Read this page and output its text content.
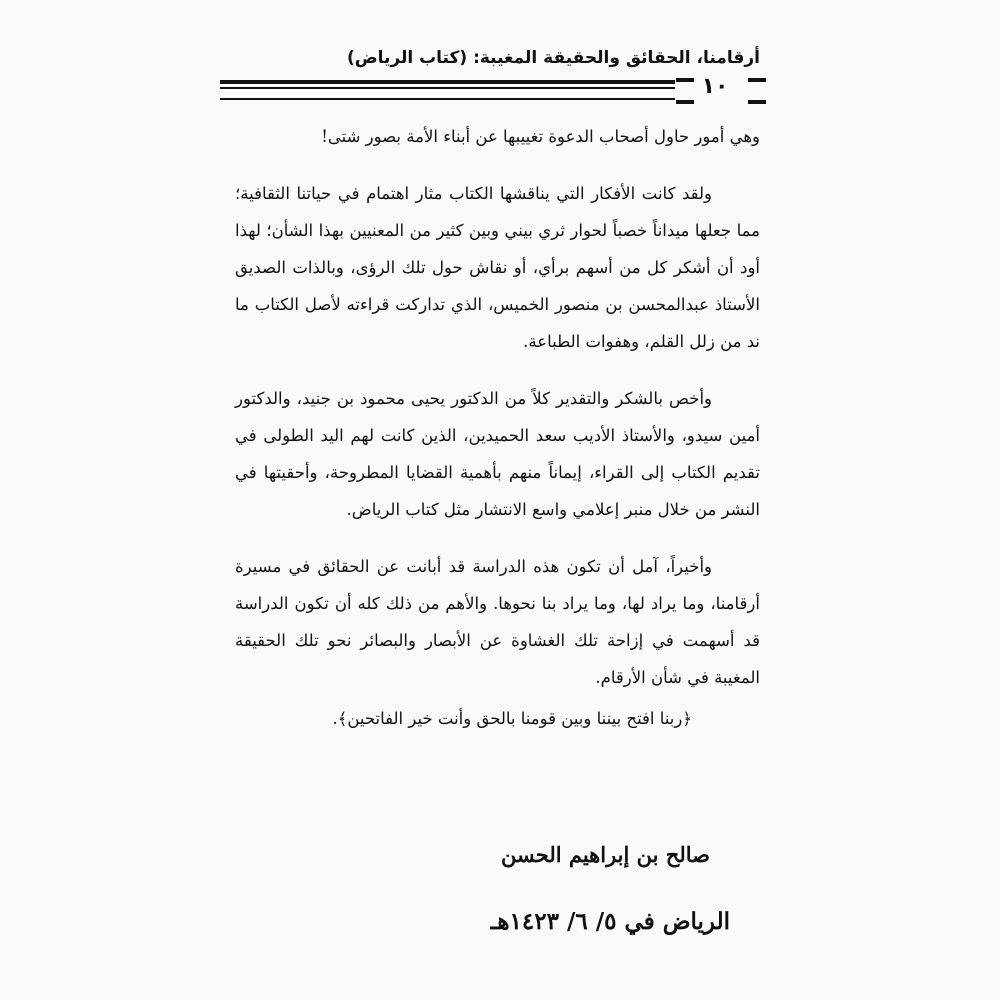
أرقامنا، الحقائق والحقيقة المغيبة: (كتاب الرياض)
١٠

وهي أمور حاول أصحاب الدعوة تغييبها عن أبناء الأمة بصور شتى!

ولقد كانت الأفكار التي يناقشها الكتاب مثار اهتمام في حياتنا الثقافية؛ مما جعلها ميداناً خصباً لحوار ثري بيني وبين كثير من المعنيين بهذا الشأن؛ لهذا أود أن أشكر كل من أسهم برأي، أو نقاش حول تلك الرؤى، وبالذات الصديق الأستاذ عبدالمحسن بن منصور الخميس، الذي تداركت قراءته لأصل الكتاب ما ند من زلل القلم، وهفوات الطباعة.

وأخص بالشكر والتقدير كلاً من الدكتور يحيى محمود بن جنيد، والدكتور أمين سيدو، والأستاذ الأديب سعد الحميدين، الذين كانت لهم اليد الطولى في تقديم الكتاب إلى القراء، إيماناً منهم بأهمية القضايا المطروحة، وأحقيتها في النشر من خلال منبر إعلامي واسع الانتشار مثل كتاب الرياض.

وأخيراً، آمل أن تكون هذه الدراسة قد أبانت عن الحقائق في مسيرة أرقامنا، وما يراد لها، وما يراد بنا نحوها. والأهم من ذلك كله أن تكون الدراسة قد أسهمت في إزاحة تلك الغشاوة عن الأبصار والبصائر نحو تلك الحقيقة المغيبة في شأن الأرقام.

﴿ربنا افتح بيننا وبين قومنا بالحق وأنت خير الفاتحين﴾.

صالح بن إبراهيم الحسن
الرياض في ٥/ ٦/ ١٤٢٣هـ
